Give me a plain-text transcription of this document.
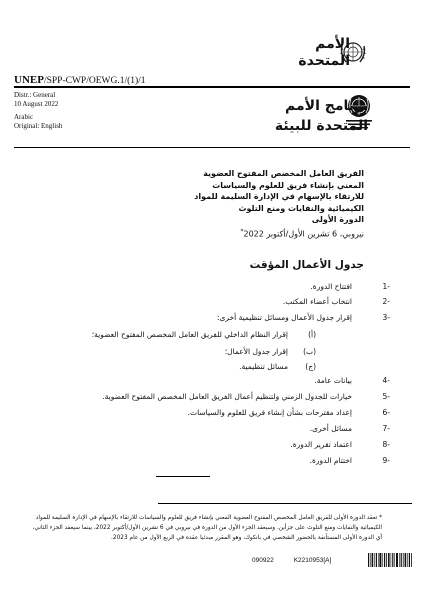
الأمم
المتحدة
UNEP/SPP-CWP/OEWG.1/(1)/1
Distr.: General
10 August 2022
Arabic
Original: English
برنامج الأمم
المتحدة للبيئة
الفريق العامل المخصص المفتوح العضوية
المعني بإنشاء فريق للعلوم والسياسات
للارتقاء بالإسهام في الإدارة السليمة للمواد
الكيميائية والنفايات ومنع التلوث
الدورة الأولى
نيروبي، 6 تشرين الأول/أكتوبر 2022*
جدول الأعمال المؤقت
-1
افتتاح الدورة.
-2
انتخاب أعضاء المكتب.
-3
إقرار جدول الأعمال ومسائل تنظيمية أخرى:
(أ)
إقرار النظام الداخلي للفريق العامل المخصص المفتوح العضوية؛
(ب)
إقرار جدول الأعمال؛
(ج)
مسائل تنظيمية.
-4
بيانات عامة.
-5
خيارات للجدول الزمني ولتنظيم أعمال الفريق العامل المخصص المفتوح العضوية.
-6
إعداد مقترحات بشأن إنشاء فريق للعلوم والسياسات.
-7
مسائل أخرى.
-8
اعتماد تقرير الدورة.
-9
اختتام الدورة.
* تعقد الدورة الأولى للفريق العامل المخصص المفتوح العضوية المعني بإنشاء فريق للعلوم والسياسات للارتقاء بالإسهام في الإدارة السليمة للمواد الكيميائية والنفايات ومنع التلوث على جزأين. وسيعقد الجزء الأول من الدورة في نيروبي في 6 تشرين الأول/أكتوبر 2022، بينما سيعقد الجزء الثاني، أي الدورة الأولى المستأنفة بالحضور الشخصي في بانكوك، وهو المقرر مبدئيا عقده في الربع الأول من عام 2023.
090922	K2210953[A]
